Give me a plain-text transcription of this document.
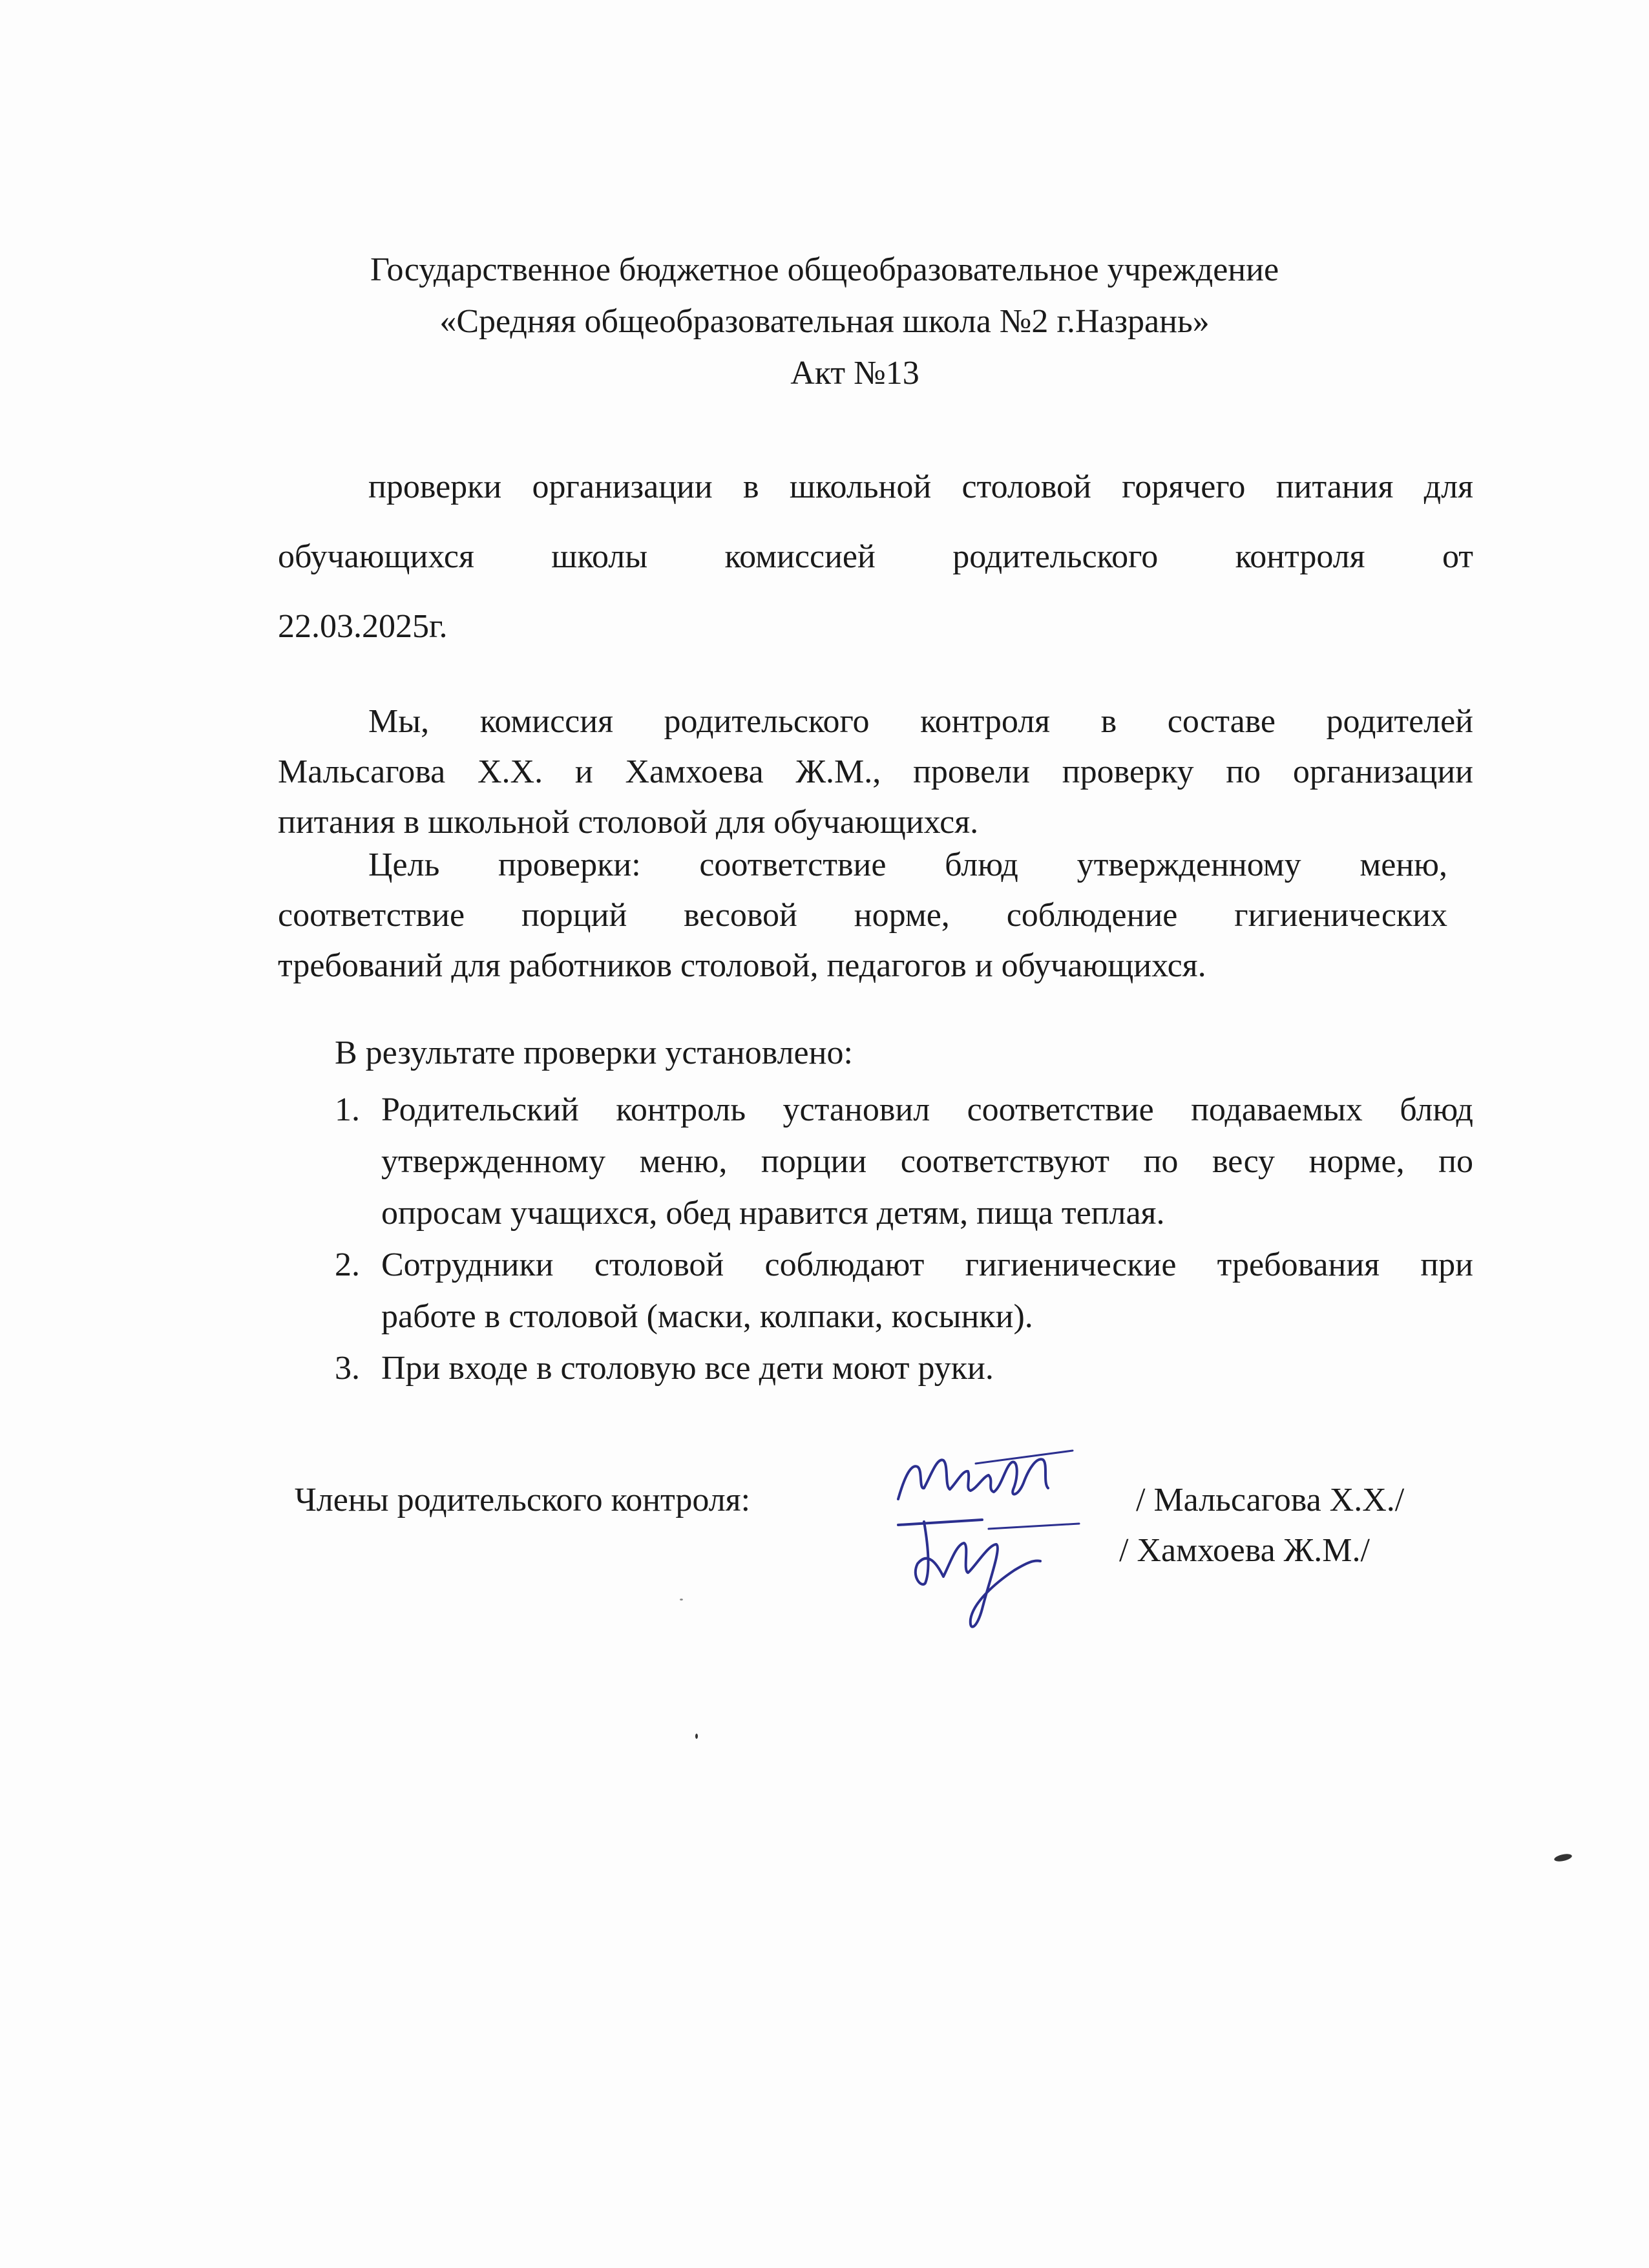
Государственное бюджетное общеобразовательное учреждение
«Средняя общеобразовательная школа №2 г.Назрань»
Акт №13
проверки организации в школьной столовой горячего питания для
обучающихся школы комиссией родительского контроля от
22.03.2025г.
Мы, комиссия родительского контроля в составе родителей
Мальсагова Х.Х. и Хамхоева Ж.М., провели проверку по организации
питания в школьной столовой для обучающихся.
Цель проверки: соответствие блюд утвержденному меню,
соответствие порций весовой норме, соблюдение гигиенических
требований для работников столовой, педагогов и обучающихся.
В результате проверки установлено:
1. Родительский контроль установил соответствие подаваемых блюд
утвержденному меню, порции соответствуют по весу норме, по
опросам учащихся, обед нравится детям, пища теплая.
2. Сотрудники столовой соблюдают гигиенические требования при
работе в столовой (маски, колпаки, косынки).
3. При входе в столовую все дети моют руки.
Члены родительского контроля:	/ Мальсагова Х.Х./
/ Хамхоева Ж.М./
